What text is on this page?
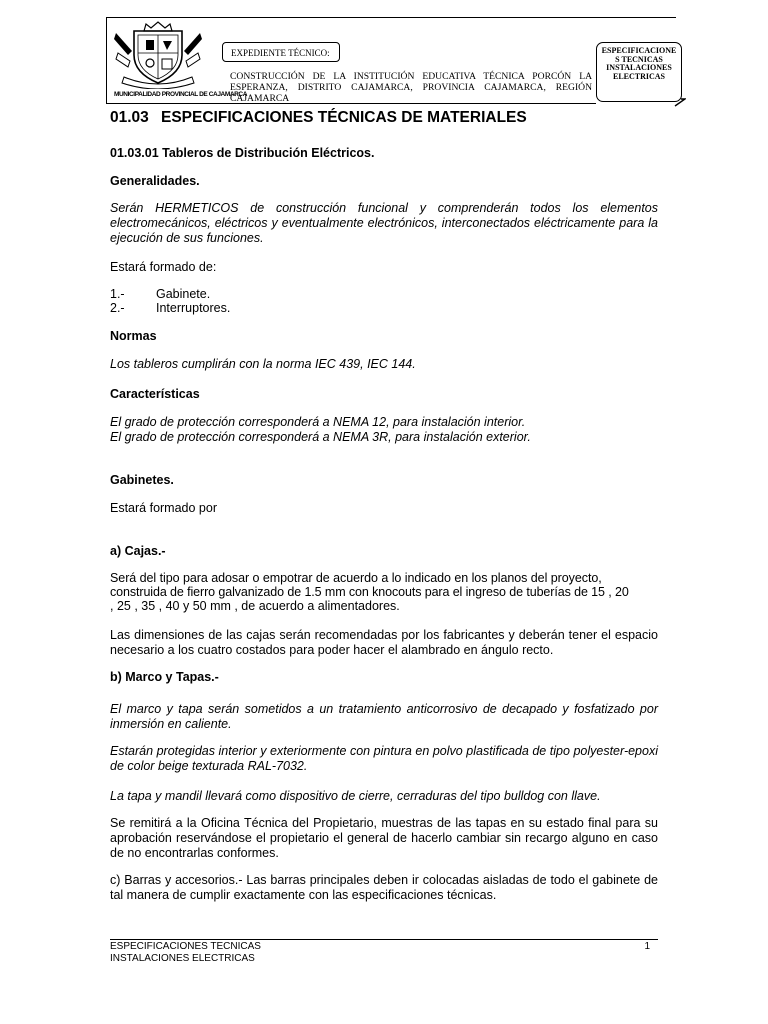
MUNICIPALIDAD PROVINCIAL DE CAJAMARCA
EXPEDIENTE TÉCNICO:
CONSTRUCCIÓN DE LA INSTITUCIÓN EDUCATIVA TÉCNICA PORCÓN LA
ESPERANZA, DISTRITO CAJAMARCA, PROVINCIA CAJAMARCA, REGIÓN CAJAMARCA
ESPECIFICACIONE
S TECNICAS
INSTALACIONES
ELECTRICAS
01.03 ESPECIFICACIONES TÉCNICAS DE MATERIALES
01.03.01 Tableros de Distribución Eléctricos.
Generalidades.
Serán HERMETICOS de construcción funcional y comprenderán todos los elementos electromecánicos, eléctricos y eventualmente electrónicos, interconectados eléctricamente para la ejecución de sus funciones.
Estará formado de:
1.-	Gabinete.
2.-	Interruptores.
Normas
Los tableros cumplirán con la norma IEC 439, IEC 144.
Características
El grado de protección corresponderá a NEMA 12, para instalación interior.
El grado de protección corresponderá a NEMA 3R, para instalación exterior.
Gabinetes.
Estará formado por
a) Cajas.-
Será del tipo para adosar o empotrar de acuerdo a lo indicado en los planos del proyecto,
construida de fierro galvanizado de 1.5 mm con knocouts para el ingreso de tuberías de 15 , 20
, 25 , 35 , 40 y 50 mm , de acuerdo a alimentadores.
Las dimensiones de las cajas serán recomendadas por los fabricantes y deberán tener el espacio necesario a los cuatro costados para poder hacer el alambrado en ángulo recto.
b) Marco y Tapas.-
El marco y tapa serán sometidos a un tratamiento anticorrosivo de decapado y fosfatizado por inmersión en caliente.
Estarán protegidas interior y exteriormente con pintura en polvo plastificada de tipo polyester-epoxi de color beige texturada RAL-7032.
La tapa y mandil llevará como dispositivo de cierre, cerraduras del tipo bulldog con llave.
Se remitirá a la Oficina Técnica del Propietario, muestras de las tapas en su estado final para su aprobación reservándose el propietario el general de hacerlo cambiar sin recargo alguno en caso de no encontrarlas conformes.
c) Barras y accesorios.- Las barras principales deben ir colocadas aisladas de todo el gabinete de tal manera de cumplir exactamente con las especificaciones técnicas.
ESPECIFICACIONES TECNICAS
INSTALACIONES ELECTRICAS
1
